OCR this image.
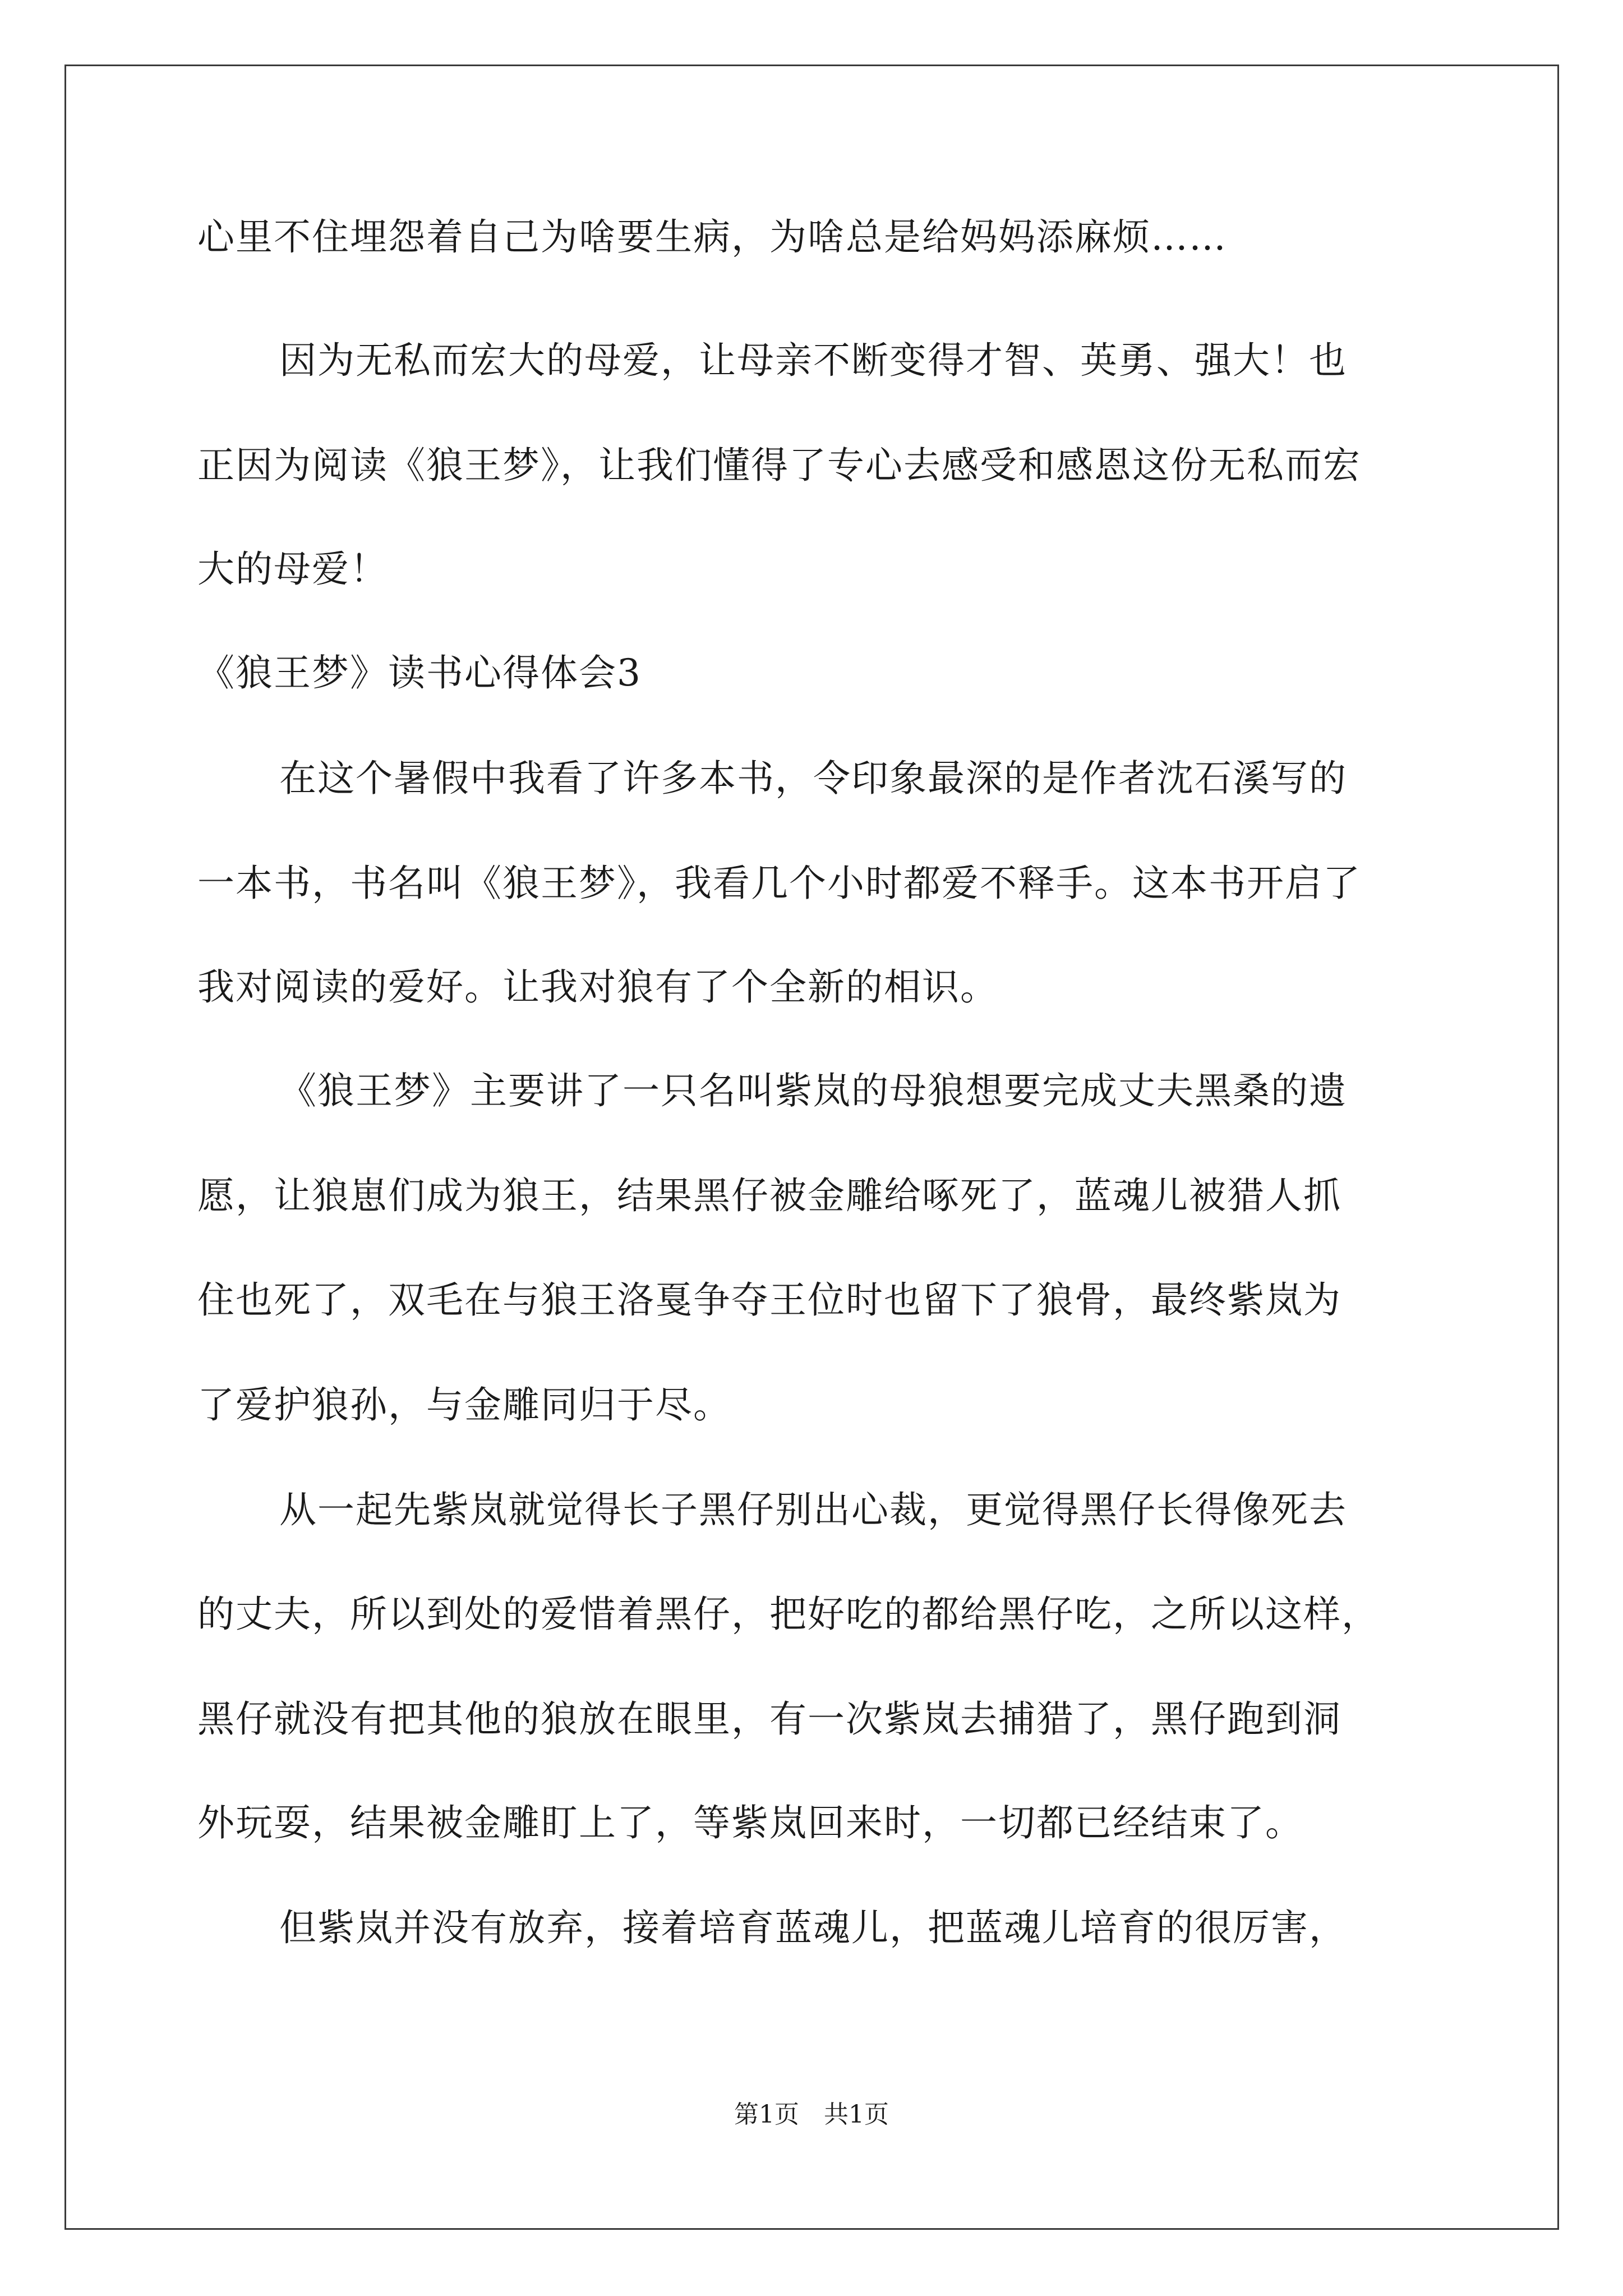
心里不住埋怨着自己为啥要生病，为啥总是给妈妈添麻烦……
因为无私而宏大的母爱，让母亲不断变得才智、英勇、强大！也
正因为阅读《狼王梦》，让我们懂得了专心去感受和感恩这份无私而宏
大的母爱！
《狼王梦》读书心得体会3
在这个暑假中我看了许多本书，令印象最深的是作者沈石溪写的
一本书，书名叫《狼王梦》，我看几个小时都爱不释手。这本书开启了
我对阅读的爱好。让我对狼有了个全新的相识。
《狼王梦》主要讲了一只名叫紫岚的母狼想要完成丈夫黑桑的遗
愿，让狼崽们成为狼王，结果黑仔被金雕给啄死了，蓝魂儿被猎人抓
住也死了，双毛在与狼王洛戛争夺王位时也留下了狼骨，最终紫岚为
了爱护狼孙，与金雕同归于尽。
从一起先紫岚就觉得长子黑仔别出心裁，更觉得黑仔长得像死去
的丈夫，所以到处的爱惜着黑仔，把好吃的都给黑仔吃，之所以这样，
黑仔就没有把其他的狼放在眼里，有一次紫岚去捕猎了，黑仔跑到洞
外玩耍，结果被金雕盯上了，等紫岚回来时，一切都已经结束了。
但紫岚并没有放弃，接着培育蓝魂儿，把蓝魂儿培育的很厉害，
第1页　共1页
